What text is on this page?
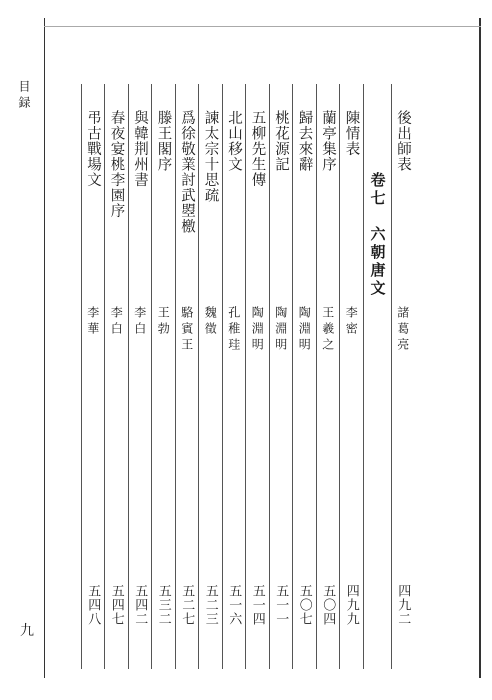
目録
九
後出師表
諸葛亮
四九二
卷七　六朝唐文
陳情表
李密
四九九
蘭亭集序
王羲之
五〇四
歸去來辭
陶淵明
五〇七
桃花源記
陶淵明
五一一
五柳先生傳
陶淵明
五一四
北山移文
孔稚珪
五一六
諫太宗十思疏
魏徵
五二三
爲徐敬業討武曌檄
駱賓王
五二七
滕王閣序
王勃
五三二
與韓荆州書
李白
五四二
春夜宴桃李園序
李白
五四七
弔古戰場文
李華
五四八
